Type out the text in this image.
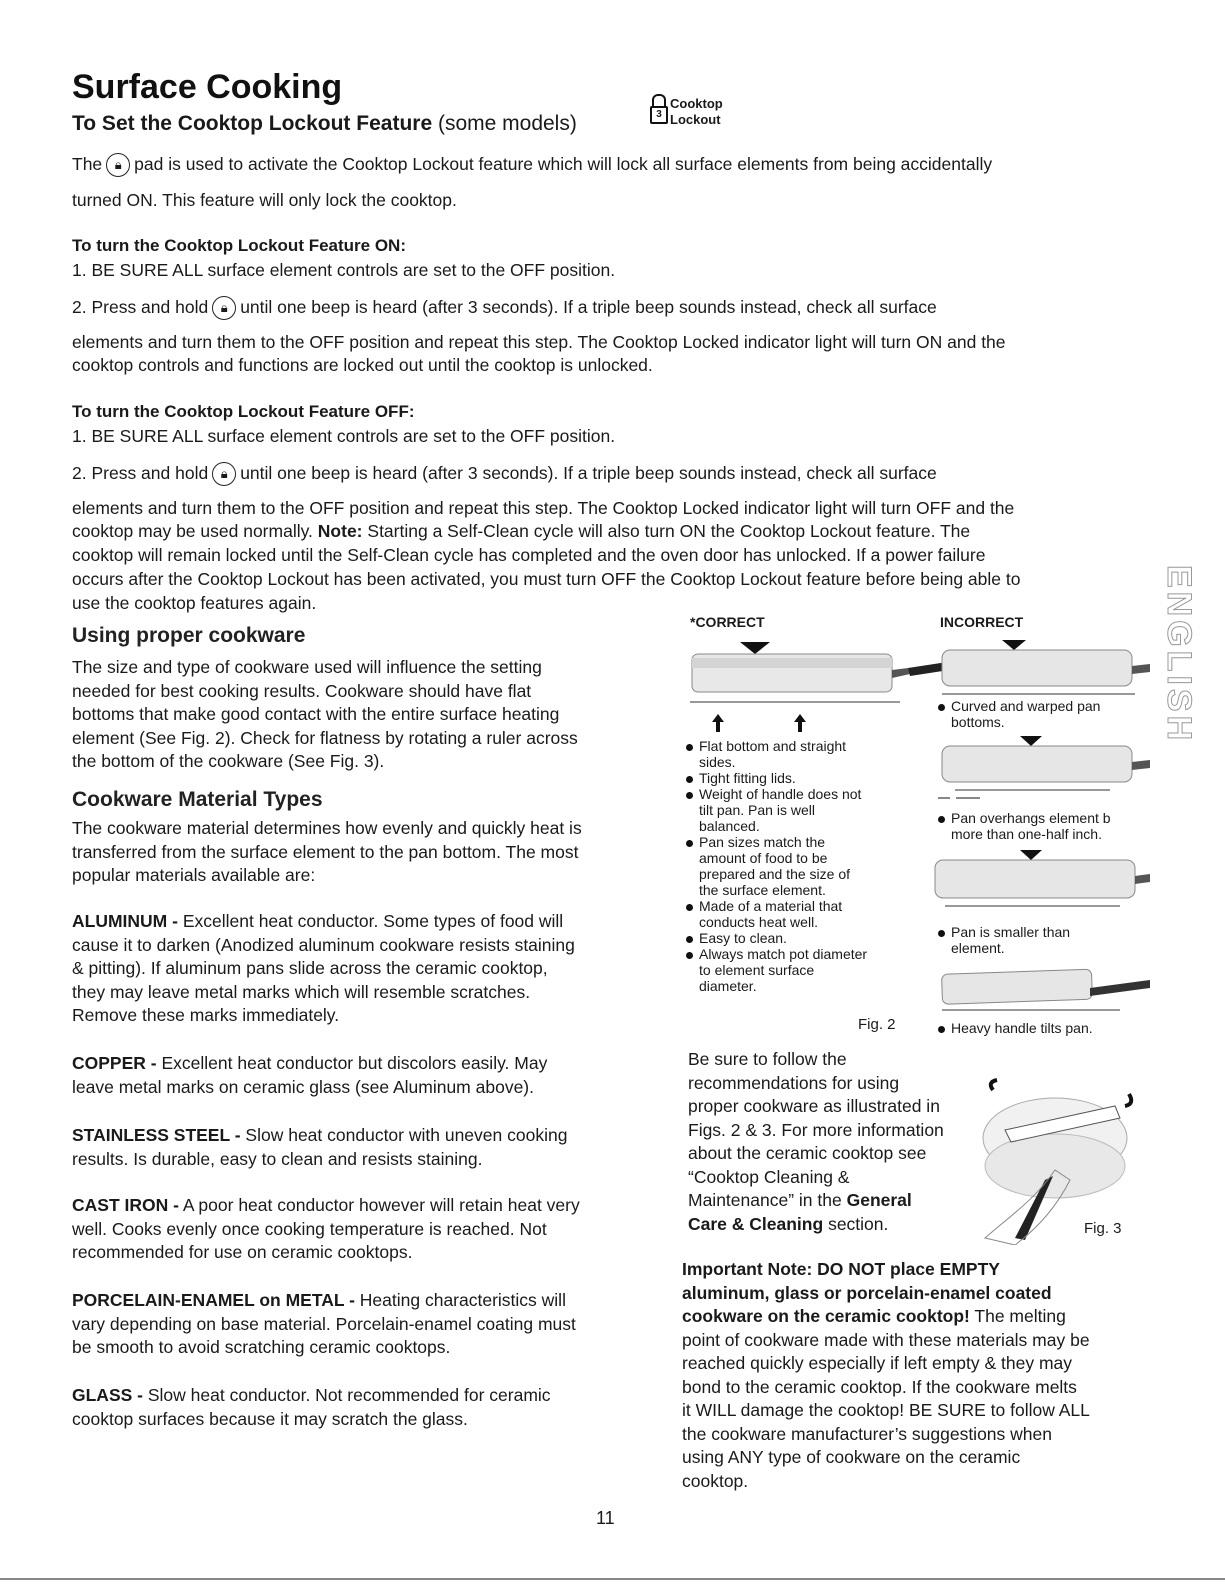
Surface Cooking
To Set the Cooktop Lockout Feature (some models)	3
Cooktop
Lockout
The 🔒︎ pad is used to activate the Cooktop Lockout feature which will lock all surface elements from being accidentally
turned ON. This feature will only lock the cooktop.
To turn the Cooktop Lockout Feature ON:
1. BE SURE ALL surface element controls are set to the OFF position.
2. Press and hold 🔒︎ until one beep is heard (after 3 seconds). If a triple beep sounds instead, check all surface
elements and turn them to the OFF position and repeat this step. The Cooktop Locked indicator light will turn ON and the
cooktop controls and functions are locked out until the cooktop is unlocked.
To turn the Cooktop Lockout Feature OFF:
1. BE SURE ALL surface element controls are set to the OFF position.
2. Press and hold 🔒︎ until one beep is heard (after 3 seconds). If a triple beep sounds instead, check all surface
elements and turn them to the OFF position and repeat this step. The Cooktop Locked indicator light will turn OFF and the
cooktop may be used normally. Note: Starting a Self-Clean cycle will also turn ON the Cooktop Lockout feature. The
cooktop will remain locked until the Self-Clean cycle has completed and the oven door has unlocked. If a power failure
occurs after the Cooktop Lockout has been activated, you must turn OFF the Cooktop Lockout feature before being able to
use the cooktop features again.	ENGLISH
Using proper cookware
The size and type of cookware used will influence the setting
needed for best cooking results. Cookware should have flat
bottoms that make good contact with the entire surface heating
element (See Fig. 2). Check for flatness by rotating a ruler across
the bottom of the cookware (See Fig. 3).
Cookware Material Types
The cookware material determines how evenly and quickly heat is
transferred from the surface element to the pan bottom. The most
popular materials available are:
ALUMINUM - Excellent heat conductor. Some types of food will
cause it to darken (Anodized aluminum cookware resists staining
& pitting). If aluminum pans slide across the ceramic cooktop,
they may leave metal marks which will resemble scratches.
Remove these marks immediately.
COPPER - Excellent heat conductor but discolors easily. May
leave metal marks on ceramic glass (see Aluminum above).
STAINLESS STEEL - Slow heat conductor with uneven cooking
results. Is durable, easy to clean and resists staining.
CAST IRON - A poor heat conductor however will retain heat very
well. Cooks evenly once cooking temperature is reached. Not
recommended for use on ceramic cooktops.
PORCELAIN-ENAMEL on METAL - Heating characteristics will
vary depending on base material. Porcelain-enamel coating must
be smooth to avoid scratching ceramic cooktops.
GLASS - Slow heat conductor. Not recommended for ceramic
cooktop surfaces because it may scratch the glass.
*CORRECT	INCORRECT
Flat bottom and straight
sides.
Tight fitting lids.
Weight of handle does not
tilt pan. Pan is well
balanced.
Pan sizes match the
amount of food to be
prepared and the size of
the surface element.
Made of a material that
conducts heat well.
Easy to clean.
Always match pot diameter
to element surface
diameter.
Fig. 2
Curved and warped pan
bottoms.
Pan overhangs element b
more than one-half inch.
Pan is smaller than
element.
Heavy handle tilts pan.
Be sure to follow the
recommendations for using
proper cookware as illustrated in
Figs. 2 & 3. For more information
about the ceramic cooktop see
“Cooktop Cleaning &
Maintenance” in the General
Care & Cleaning section.	Fig. 3
Important Note: DO NOT place EMPTY
aluminum, glass or porcelain-enamel coated
cookware on the ceramic cooktop! The melting
point of cookware made with these materials may be
reached quickly especially if left empty & they may
bond to the ceramic cooktop. If the cookware melts
it WILL damage the cooktop! BE SURE to follow ALL
the cookware manufacturer’s suggestions when
using ANY type of cookware on the ceramic
cooktop.
11
